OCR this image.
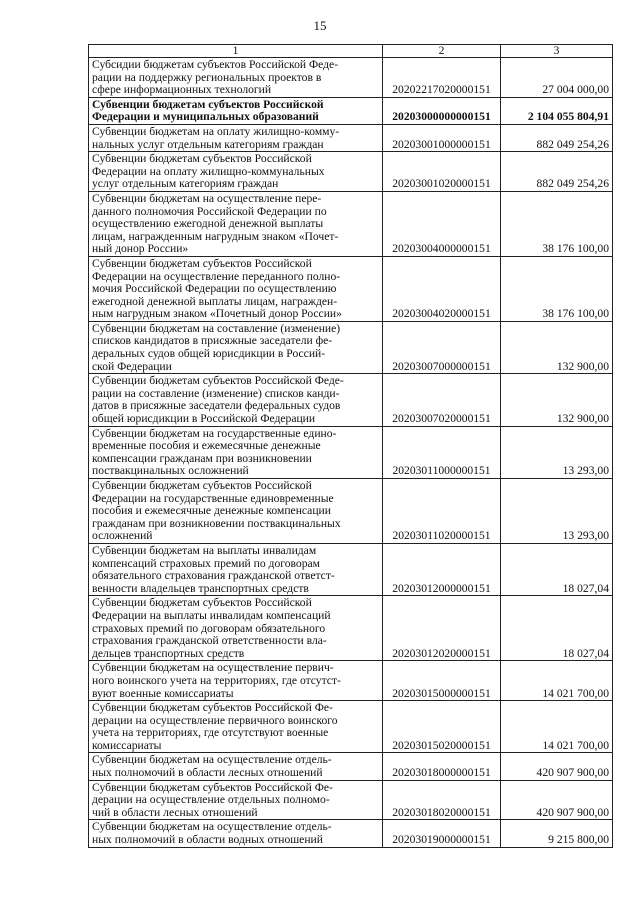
15
1	2	3

Субсидии бюджетам субъектов Российской Феде-
рации на поддержку региональных проектов в
сфере информационных технологий	20202217020000151	27 004 000,00

Субвенции бюджетам субъектов Российской
Федерации и муниципальных образований	20203000000000151	2 104 055 804,91

Субвенции бюджетам на оплату жилищно-комму-
нальных услуг отдельным категориям граждан	20203001000000151	882 049 254,26

Субвенции бюджетам субъектов Российской
Федерации на оплату жилищно-коммунальных
услуг отдельным категориям граждан	20203001020000151	882 049 254,26

Субвенции бюджетам на осуществление пере-
данного полномочия Российской Федерации по
осуществлению ежегодной денежной выплаты
лицам, награжденным нагрудным знаком «Почет-
ный донор России»	20203004000000151	38 176 100,00

Субвенции бюджетам субъектов Российской
Федерации на осуществление переданного полно-
мочия Российской Федерации по осуществлению
ежегодной денежной выплаты лицам, награжден-
ным нагрудным знаком «Почетный донор России»	20203004020000151	38 176 100,00

Субвенции бюджетам на составление (изменение)
списков кандидатов в присяжные заседатели фе-
деральных судов общей юрисдикции в Россий-
ской Федерации	20203007000000151	132 900,00

Субвенции бюджетам субъектов Российской Феде-
рации на составление (изменение) списков канди-
датов в присяжные заседатели федеральных судов
общей юрисдикции в Российской Федерации	20203007020000151	132 900,00

Субвенции бюджетам на государственные едино-
временные пособия и ежемесячные денежные
компенсации гражданам при возникновении
поствакцинальных осложнений	20203011000000151	13 293,00

Субвенции бюджетам субъектов Российской
Федерации на государственные единовременные
пособия и ежемесячные денежные компенсации
гражданам при возникновении поствакцинальных
осложнений	20203011020000151	13 293,00

Субвенции бюджетам на выплаты инвалидам
компенсаций страховых премий по договорам
обязательного страхования гражданской ответст-
венности владельцев транспортных средств	20203012000000151	18 027,04

Субвенции бюджетам субъектов Российской
Федерации на выплаты инвалидам компенсаций
страховых премий по договорам обязательного
страхования гражданской ответственности вла-
дельцев транспортных средств	20203012020000151	18 027,04

Субвенции бюджетам на осуществление первич-
ного воинского учета на территориях, где отсутст-
вуют военные комиссариаты	20203015000000151	14 021 700,00

Субвенции бюджетам субъектов Российской Фе-
дерации на осуществление первичного воинского
учета на территориях, где отсутствуют военные
комиссариаты	20203015020000151	14 021 700,00

Субвенции бюджетам на осуществление отдель-
ных полномочий в области лесных отношений	20203018000000151	420 907 900,00

Субвенции бюджетам субъектов Российской Фе-
дерации на осуществление отдельных полномо-
чий в области лесных отношений	20203018020000151	420 907 900,00

Субвенции бюджетам на осуществление отдель-
ных полномочий в области водных отношений	20203019000000151	9 215 800,00
